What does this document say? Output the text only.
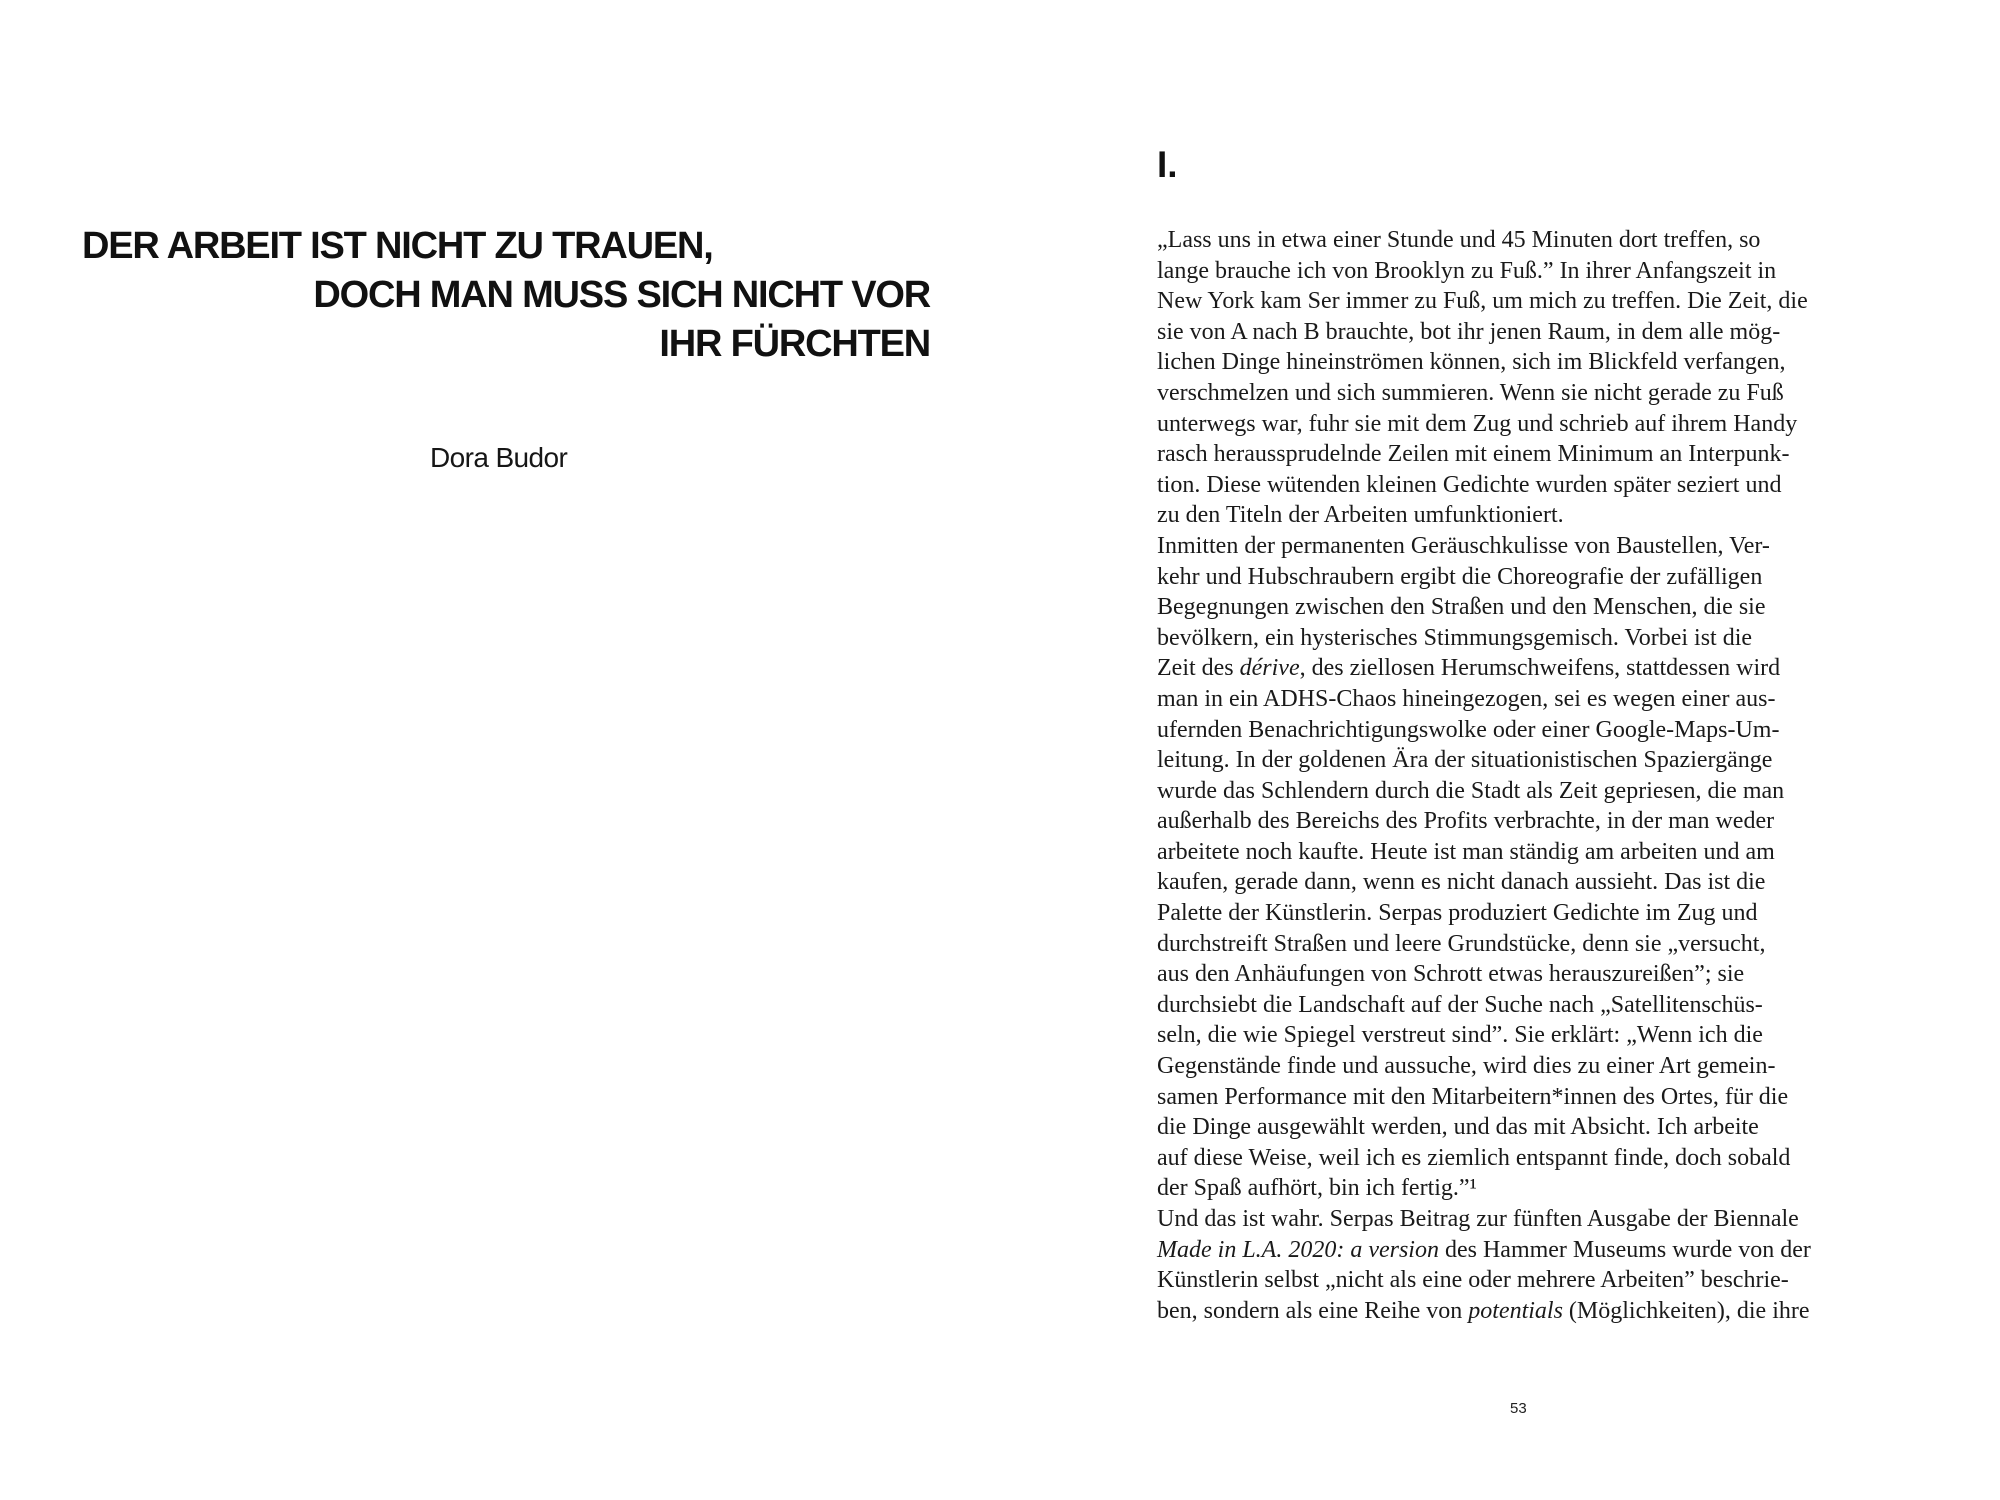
DER ARBEIT IST NICHT ZU TRAUEN,
DOCH MAN MUSS SICH NICHT VOR
IHR FÜRCHTEN

Dora Budor

I.
„Lass uns in etwa einer Stunde und 45 Minuten dort treffen, so
lange brauche ich von Brooklyn zu Fuß.” In ihrer Anfangszeit in
New York kam Ser immer zu Fuß, um mich zu treffen. Die Zeit, die
sie von A nach B brauchte, bot ihr jenen Raum, in dem alle mög-
lichen Dinge hineinströmen können, sich im Blickfeld verfangen,
verschmelzen und sich summieren. Wenn sie nicht gerade zu Fuß
unterwegs war, fuhr sie mit dem Zug und schrieb auf ihrem Handy
rasch heraussprudelnde Zeilen mit einem Minimum an Interpunk-
tion. Diese wütenden kleinen Gedichte wurden später seziert und
zu den Titeln der Arbeiten umfunktioniert.
Inmitten der permanenten Geräuschkulisse von Baustellen, Ver-
kehr und Hubschraubern ergibt die Choreografie der zufälligen
Begegnungen zwischen den Straßen und den Menschen, die sie
bevölkern, ein hysterisches Stimmungsgemisch. Vorbei ist die
Zeit des dérive, des ziellosen Herumschweifens, stattdessen wird
man in ein ADHS-Chaos hineingezogen, sei es wegen einer aus-
ufernden Benachrichtigungswolke oder einer Google-Maps-Um-
leitung. In der goldenen Ära der situationistischen Spaziergänge
wurde das Schlendern durch die Stadt als Zeit gepriesen, die man
außerhalb des Bereichs des Profits verbrachte, in der man weder
arbeitete noch kaufte. Heute ist man ständig am arbeiten und am
kaufen, gerade dann, wenn es nicht danach aussieht. Das ist die
Palette der Künstlerin. Serpas produziert Gedichte im Zug und
durchstreift Straßen und leere Grundstücke, denn sie „versucht,
aus den Anhäufungen von Schrott etwas herauszureißen”; sie
durchsiebt die Landschaft auf der Suche nach „Satellitenschüs-
seln, die wie Spiegel verstreut sind”. Sie erklärt: „Wenn ich die
Gegenstände finde und aussuche, wird dies zu einer Art gemein-
samen Performance mit den Mitarbeitern*innen des Ortes, für die
die Dinge ausgewählt werden, und das mit Absicht. Ich arbeite
auf diese Weise, weil ich es ziemlich entspannt finde, doch sobald
der Spaß aufhört, bin ich fertig.”¹
Und das ist wahr. Serpas Beitrag zur fünften Ausgabe der Biennale
Made in L.A. 2020: a version des Hammer Museums wurde von der
Künstlerin selbst „nicht als eine oder mehrere Arbeiten” beschrie-
ben, sondern als eine Reihe von potentials (Möglichkeiten), die ihre

53
